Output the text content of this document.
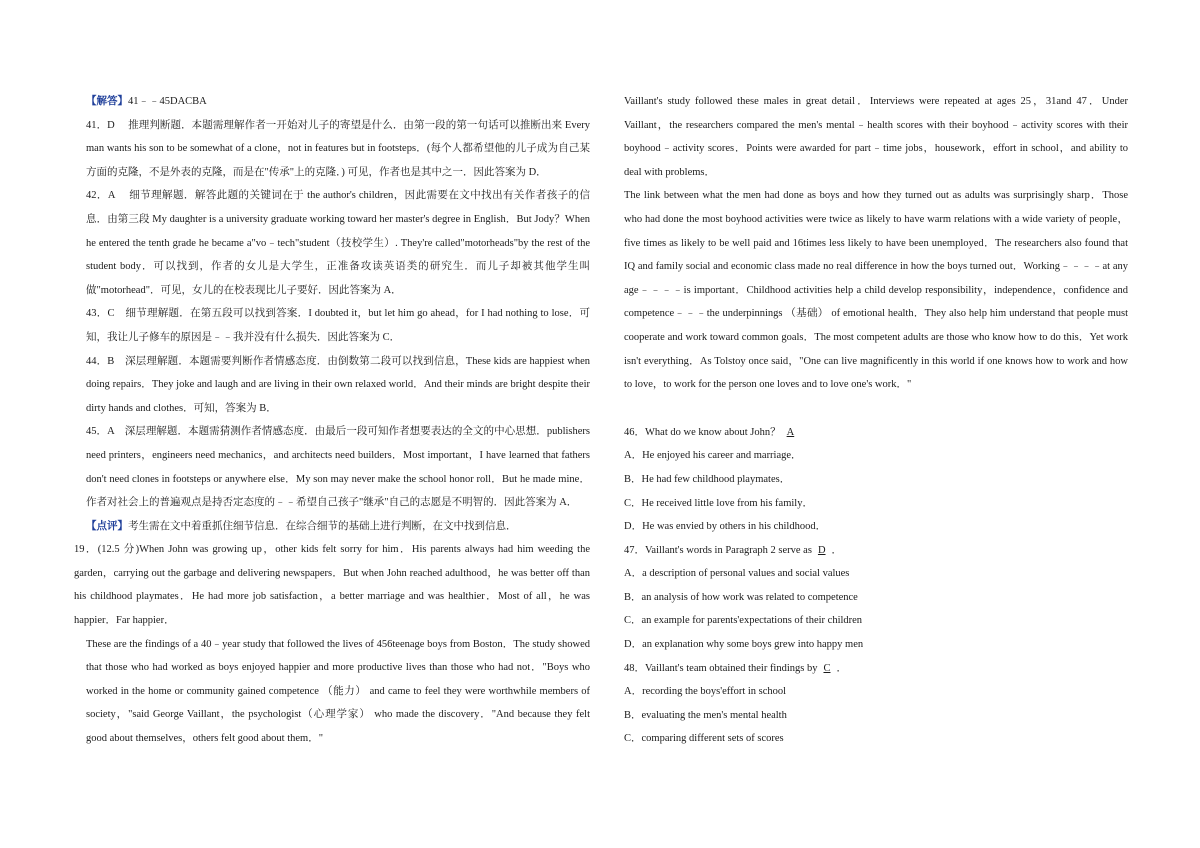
【解答】41﹣﹣45DACBA

41．D　 推理判断题．本题需理解作者一开始对儿子的寄望是什么．由第一段的第一句话可以推断出来 Every man wants his son to be somewhat of a clone，not in features but in footsteps．(每个人都希望他的儿子成为自己某方面的克隆，不是外表的克隆，而是在"传承"上的克隆．) 可见，作者也是其中之一．因此答案为 D．

42．A　 细节理解题．解答此题的关键词在于 the author's children，因此需要在文中找出有关作者孩子的信息．由第三段 My daughter is a university graduate working toward her master's degree in English．But Jody？When he entered the tenth grade he became a"vo﹣tech"student（技校学生）. They're called"motorheads"by the rest of the student body．可以找到，作者的女儿是大学生，正准备攻读英语类的研究生．而儿子却被其他学生叫做"motorhead"．可见，女儿的在校表现比儿子要好．因此答案为 A．

43．C　细节理解题．在第五段可以找到答案．I doubted it，but let him go ahead，for I had nothing to lose．可知，我让儿子修车的原因是﹣﹣我并没有什么损失．因此答案为 C．

44．B　深层理解题．本题需要判断作者情感态度．由倒数第二段可以找到信息，These kids are happiest when doing repairs．They joke and laugh and are living in their own relaxed world．And their minds are bright despite their dirty hands and clothes．可知，答案为 B．

45．A　深层理解题．本题需猜测作者情感态度．由最后一段可知作者想要表达的全文的中心思想．publishers need printers，engineers need mechanics，and architects need builders．Most important，I have learned that fathers don't need clones in footsteps or anywhere else．My son may never make the school honor roll．But he made mine．作者对社会上的普遍观点是持否定态度的﹣﹣希望自己孩子"继承"自己的志愿是不明智的．因此答案为 A．

【点评】考生需在文中着重抓住细节信息．在综合细节的基础上进行判断，在文中找到信息．

19．(12.5 分)When John was growing up，other kids felt sorry for him．His parents always had him weeding the garden，carrying out the garbage and delivering newspapers．But when John reached adulthood，he was better off than his childhood playmates．He had more job satisfaction，a better marriage and was healthier．Most of all，he was happier．Far happier．

These are the findings of a 40﹣year study that followed the lives of 456teenage boys from Boston．The study showed that those who had worked as boys enjoyed happier and more productive lives than those who had not．"Boys who worked in the home or community gained competence （能力） and came to feel they were worthwhile members of society，"said George Vaillant，the psychologist（心理学家） who made the discovery．"And because they felt good about themselves，others felt good about them．"

Vaillant's study followed these males in great detail．Interviews were repeated at ages 25，31and 47．Under Vaillant，the researchers compared the men's mental﹣health scores with their boyhood﹣activity scores with their boyhood﹣activity scores．Points were awarded for part﹣time jobs，housework，effort in school，and ability to deal with problems．

The link between what the men had done as boys and how they turned out as adults was surprisingly sharp．Those who had done the most boyhood activities were twice as likely to have warm relations with a wide variety of people，five times as likely to be well paid and 16times less likely to have been unemployed．The researchers also found that IQ and family social and economic class made no real difference in how the boys turned out．Working﹣﹣﹣﹣at any age﹣﹣﹣﹣is important．Childhood activities help a child develop responsibility，independence，confidence and competence﹣﹣﹣the underpinnings （基础） of emotional health．They also help him understand that people must cooperate and work toward common goals．The most competent adults are those who know how to do this．Yet work isn't everything．As Tolstoy once said，"One can live magnificently in this world if one knows how to work and how to love，to work for the person one loves and to love one's work．"

46．What do we know about John？ A

A．He enjoyed his career and marriage．

B．He had few childhood playmates．

C．He received little love from his family．

D．He was envied by others in his childhood．

47．Vaillant's words in Paragraph 2 serve as D ．

A．a description of personal values and social values

B．an analysis of how work was related to competence

C．an example for parents'expectations of their children

D．an explanation why some boys grew into happy men

48．Vaillant's team obtained their findings by C ．

A．recording the boys'effort in school

B．evaluating the men's mental health

C．comparing different sets of scores
